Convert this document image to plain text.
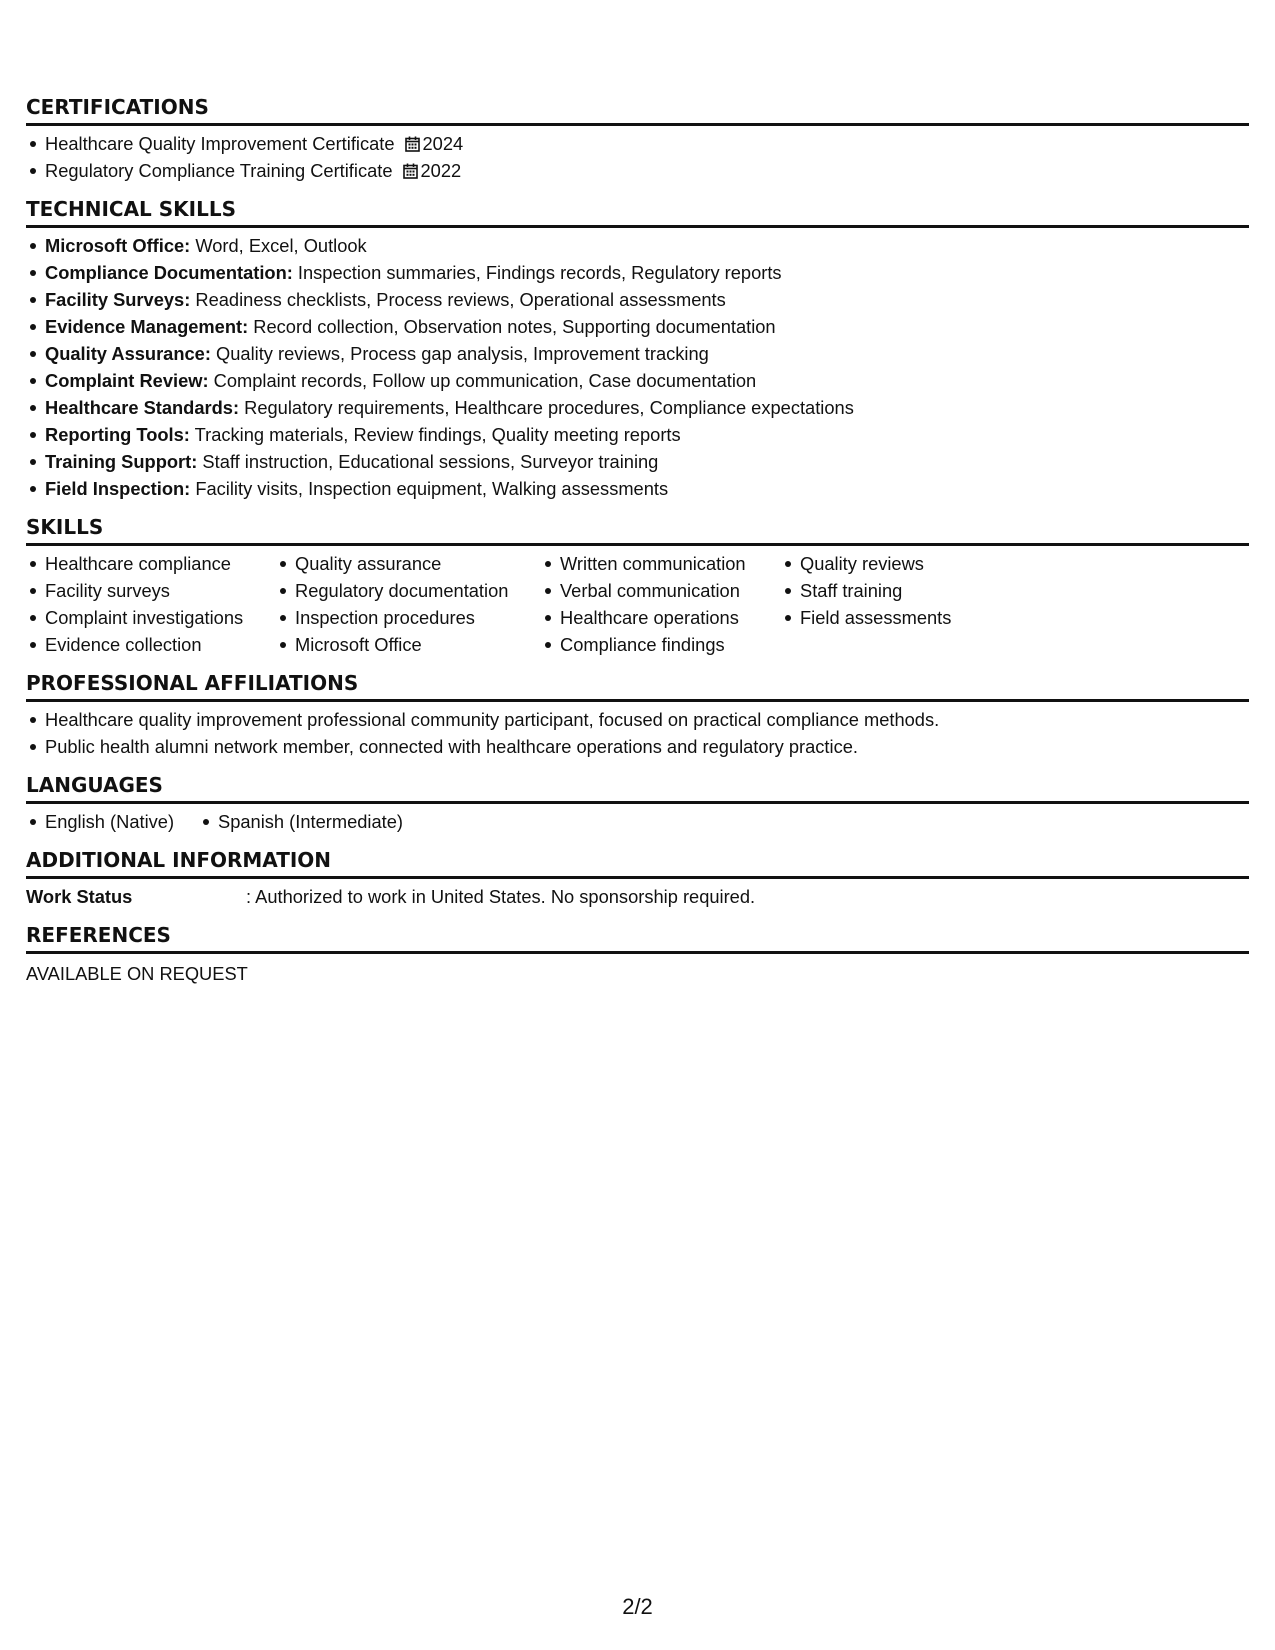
CERTIFICATIONS
Healthcare Quality Improvement Certificate 2024
Regulatory Compliance Training Certificate 2022
TECHNICAL SKILLS
Microsoft Office: Word, Excel, Outlook
Compliance Documentation: Inspection summaries, Findings records, Regulatory reports
Facility Surveys: Readiness checklists, Process reviews, Operational assessments
Evidence Management: Record collection, Observation notes, Supporting documentation
Quality Assurance: Quality reviews, Process gap analysis, Improvement tracking
Complaint Review: Complaint records, Follow up communication, Case documentation
Healthcare Standards: Regulatory requirements, Healthcare procedures, Compliance expectations
Reporting Tools: Tracking materials, Review findings, Quality meeting reports
Training Support: Staff instruction, Educational sessions, Surveyor training
Field Inspection: Facility visits, Inspection equipment, Walking assessments
SKILLS
Healthcare compliance
Facility surveys
Complaint investigations
Evidence collection
Quality assurance
Regulatory documentation
Inspection procedures
Microsoft Office
Written communication
Verbal communication
Healthcare operations
Compliance findings
Quality reviews
Staff training
Field assessments
PROFESSIONAL AFFILIATIONS
Healthcare quality improvement professional community participant, focused on practical compliance methods.
Public health alumni network member, connected with healthcare operations and regulatory practice.
LANGUAGES
English (Native) Spanish (Intermediate)
ADDITIONAL INFORMATION
Work Status	: Authorized to work in United States. No sponsorship required.
REFERENCES
AVAILABLE ON REQUEST
2/2
